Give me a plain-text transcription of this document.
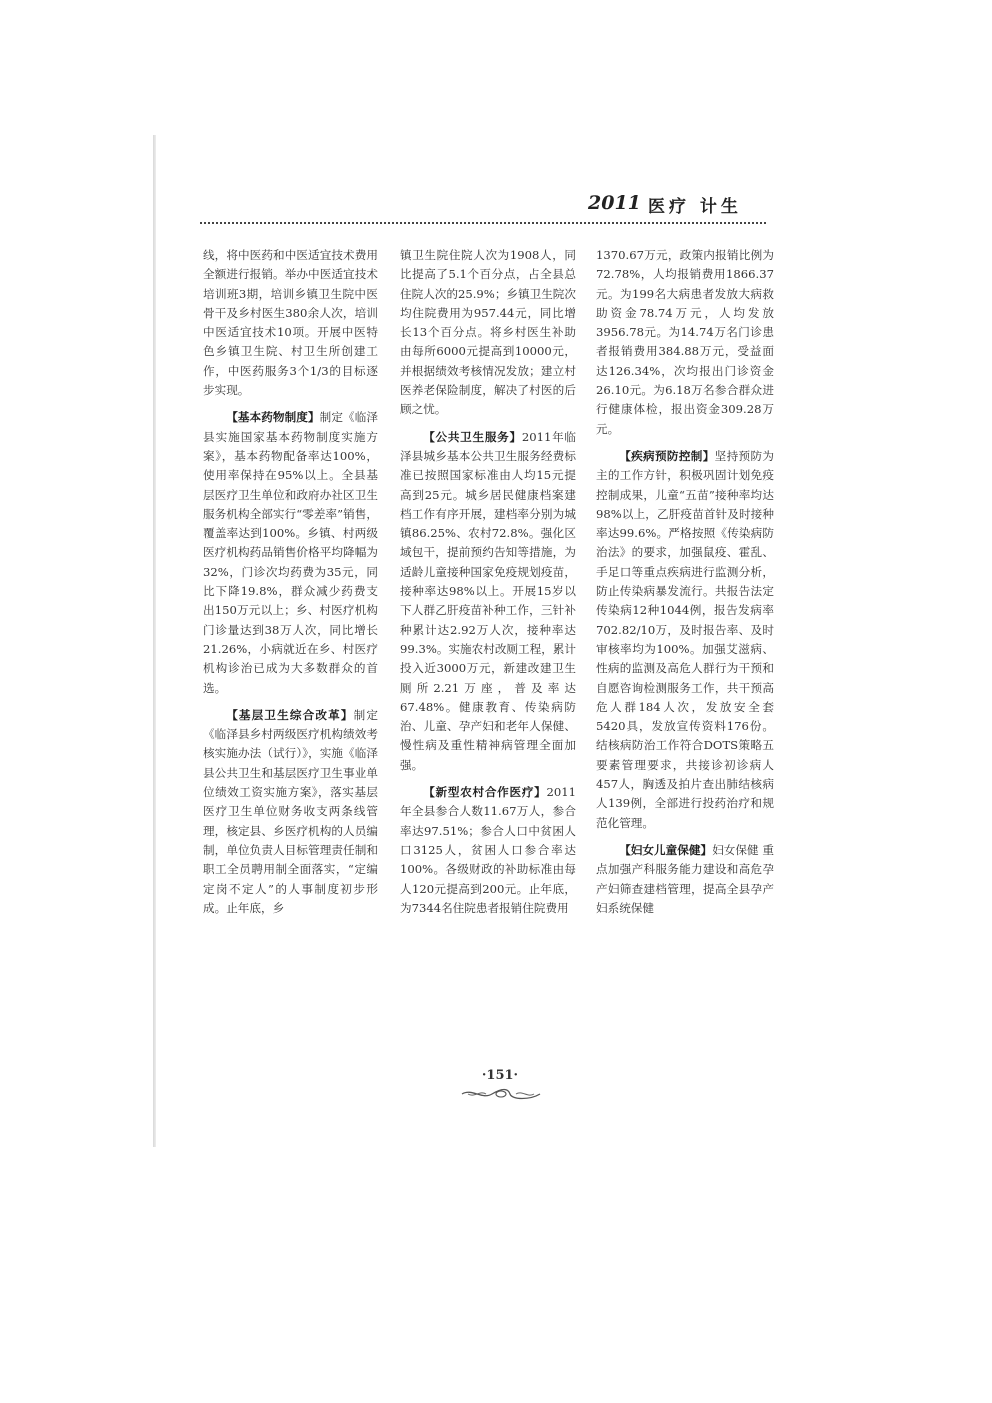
2011 医疗 计生

线，将中医药和中医适宜技术费用全额进行报销。举办中医适宜技术培训班3期，培训乡镇卫生院中医骨干及乡村医生380余人次，培训中医适宜技术10项。开展中医特色乡镇卫生院、村卫生所创建工作，中医药服务3个1/3的目标逐步实现。

【基本药物制度】制定《临泽县实施国家基本药物制度实施方案》，基本药物配备率达100%，使用率保持在95%以上。全县基层医疗卫生单位和政府办社区卫生服务机构全部实行“零差率”销售，覆盖率达到100%。乡镇、村两级医疗机构药品销售价格平均降幅为32%，门诊次均药费为35元，同比下降19.8%，群众减少药费支出150万元以上；乡、村医疗机构门诊量达到38万人次，同比增长21.26%，小病就近在乡、村医疗机构诊治已成为大多数群众的首选。

【基层卫生综合改革】制定《临泽县乡村两级医疗机构绩效考核实施办法（试行）》，实施《临泽县公共卫生和基层医疗卫生事业单位绩效工资实施方案》，落实基层医疗卫生单位财务收支两条线管理，核定县、乡医疗机构的人员编制，单位负责人目标管理责任制和职工全员聘用制全面落实，“定编定岗不定人”的人事制度初步形成。止年底，乡

镇卫生院住院人次为1908人，同比提高了5.1个百分点，占全县总住院人次的25.9%；乡镇卫生院次均住院费用为957.44元，同比增长13个百分点。将乡村医生补助由每所6000元提高到10000元，并根据绩效考核情况发放；建立村医养老保险制度，解决了村医的后顾之忧。

【公共卫生服务】2011年临泽县城乡基本公共卫生服务经费标准已按照国家标准由人均15元提高到25元。城乡居民健康档案建档工作有序开展，建档率分别为城镇86.25%、农村72.8%。强化区域包干，提前预约告知等措施，为适龄儿童接种国家免疫规划疫苗，接种率达98%以上。开展15岁以下人群乙肝疫苗补种工作，三针补种累计达2.92万人次，接种率达99.3%。实施农村改厕工程，累计投入近3000万元，新建改建卫生厕所2.21万座，普及率达67.48%。健康教育、传染病防治、儿童、孕产妇和老年人保健、慢性病及重性精神病管理全面加强。

【新型农村合作医疗】2011年全县参合人数11.67万人，参合率达97.51%；参合人口中贫困人口3125人，贫困人口参合率达100%。各级财政的补助标准由每人120元提高到200元。止年底，为7344名住院患者报销住院费用

1370.67万元，政策内报销比例为72.78%，人均报销费用1866.37元。为199名大病患者发放大病救助资金78.74万元，人均发放3956.78元。为14.74万名门诊患者报销费用384.88万元，受益面达126.34%，次均报出门诊资金26.10元。为6.18万名参合群众进行健康体检，报出资金309.28万元。

【疾病预防控制】坚持预防为主的工作方针，积极巩固计划免疫控制成果，儿童“五苗”接种率均达98%以上，乙肝疫苗首针及时接种率达99.6%。严格按照《传染病防治法》的要求，加强鼠疫、霍乱、手足口等重点疾病进行监测分析，防止传染病暴发流行。共报告法定传染病12种1044例，报告发病率702.82/10万，及时报告率、及时审核率均为100%。加强艾滋病、性病的监测及高危人群行为干预和自愿咨询检测服务工作，共干预高危人群184人次，发放安全套5420具，发放宣传资料176份。结核病防治工作符合DOTS策略五要素管理要求，共接诊初诊病人457人，胸透及拍片查出肺结核病人139例，全部进行投药治疗和规范化管理。

【妇女儿童保健】妇女保健 重点加强产科服务能力建设和高危孕产妇筛查建档管理，提高全县孕产妇系统保健

·151·
